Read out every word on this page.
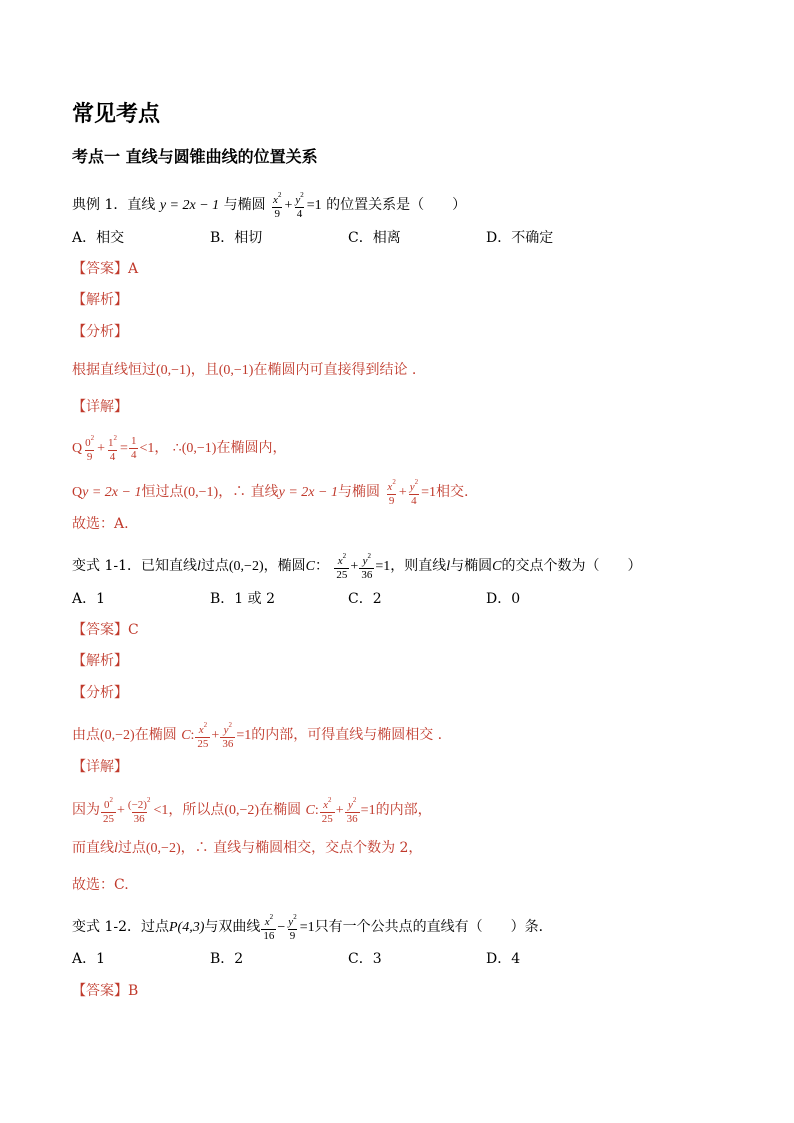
常见考点
考点一 直线与圆锥曲线的位置关系
典例 1．直线 y = 2x − 1 与椭圆 $\frac{x^2}{9} + \frac{y^2}{4} =1$ 的位置关系是（　　）
A．相交	B．相切	C．相离	D．不确定
【答案】A
【解析】
【分析】
根据直线恒过(0,−1)，且(0,−1)在椭圆内可直接得到结论 .
【详解】
Q $\frac{0^2}{9} + \frac{1^2}{4} = \frac{1}{4} <1$， ∴(0,−1)在椭圆内，
Qy = 2x − 1恒过点(0,−1)，∴ 直线y = 2x − 1与椭圆 $\frac{x^2}{9} + \frac{y^2}{4} =1$相交.
故选：A.
变式 1-1．已知直线l过点(0,−2)，椭圆C： $\frac{x^2}{25} + \frac{y^2}{36} =1$，则直线l与椭圆C的交点个数为（　　）
A．1	B．1 或 2	C．2	D．0
【答案】C
【解析】
【分析】
由点(0,−2)在椭圆 C: $\frac{x^2}{25} + \frac{y^2}{36} =1$的内部，可得直线与椭圆相交 .
【详解】
因为 $\frac{0^2}{25} + \frac{(-2)^2}{36} <1$，所以点(0,−2)在椭圆 C: $\frac{x^2}{25} + \frac{y^2}{36} =1$的内部，
而直线l过点(0,−2)，∴ 直线与椭圆相交，交点个数为 2，
故选：C.
变式 1-2．过点P(4,3)与双曲线 $\frac{x^2}{16} - \frac{y^2}{9} =1$只有一个公共点的直线有（　　）条．
A．1	B．2	C．3	D．4
【答案】B
